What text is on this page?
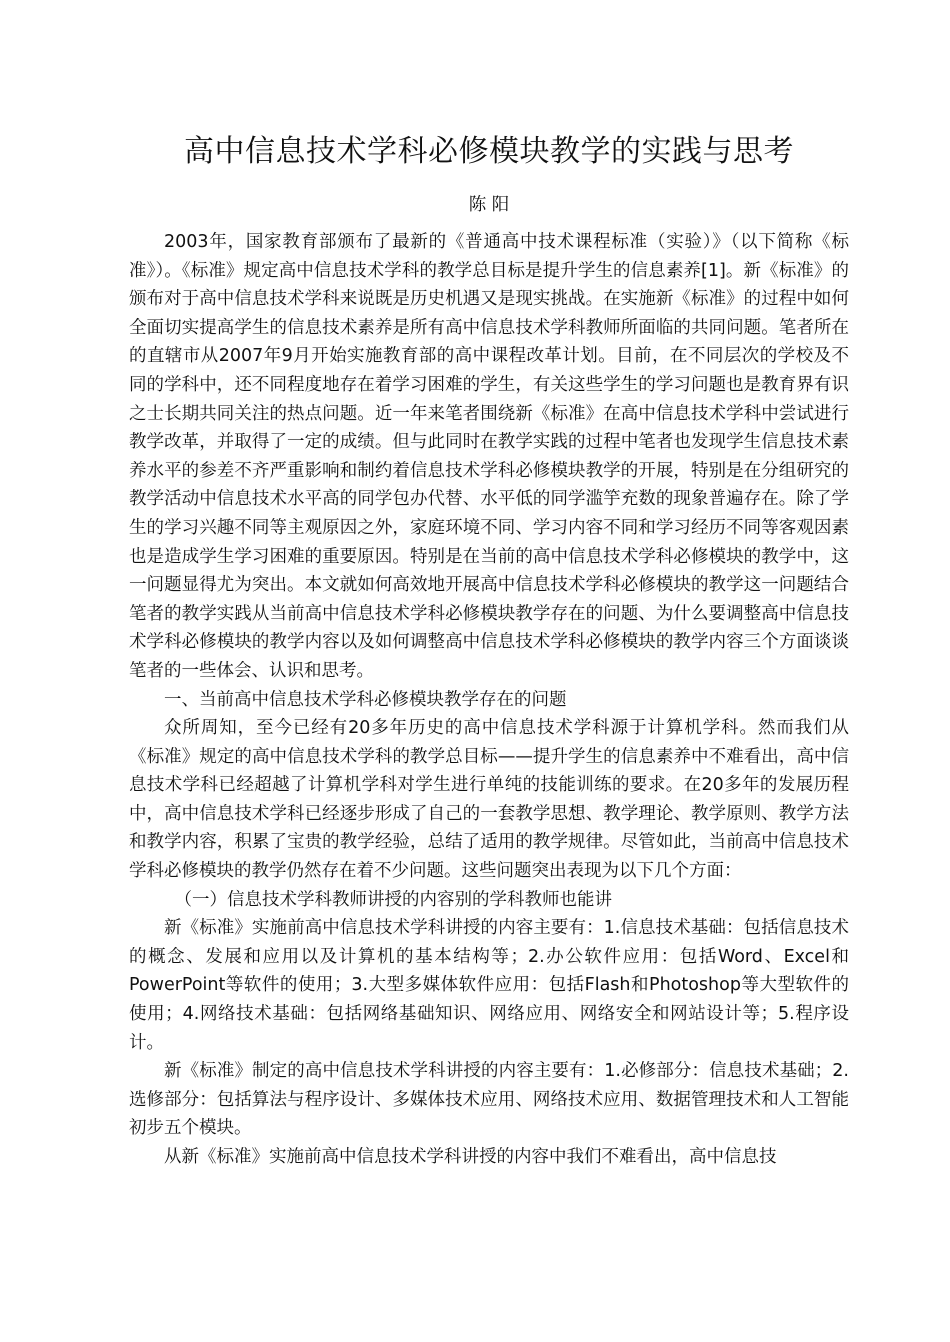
高中信息技术学科必修模块教学的实践与思考
陈 阳

2003年，国家教育部颁布了最新的《普通高中技术课程标准（实验）》（以下简称《标准》）。《标准》规定高中信息技术学科的教学总目标是提升学生的信息素养[1]。新《标准》的颁布对于高中信息技术学科来说既是历史机遇又是现实挑战。在实施新《标准》的过程中如何全面切实提高学生的信息技术素养是所有高中信息技术学科教师所面临的共同问题。笔者所在的直辖市从2007年9月开始实施教育部的高中课程改革计划。目前，在不同层次的学校及不同的学科中，还不同程度地存在着学习困难的学生，有关这些学生的学习问题也是教育界有识之士长期共同关注的热点问题。近一年来笔者围绕新《标准》在高中信息技术学科中尝试进行教学改革，并取得了一定的成绩。但与此同时在教学实践的过程中笔者也发现学生信息技术素养水平的参差不齐严重影响和制约着信息技术学科必修模块教学的开展，特别是在分组研究的教学活动中信息技术水平高的同学包办代替、水平低的同学滥竽充数的现象普遍存在。除了学生的学习兴趣不同等主观原因之外，家庭环境不同、学习内容不同和学习经历不同等客观因素也是造成学生学习困难的重要原因。特别是在当前的高中信息技术学科必修模块的教学中，这一问题显得尤为突出。本文就如何高效地开展高中信息技术学科必修模块的教学这一问题结合笔者的教学实践从当前高中信息技术学科必修模块教学存在的问题、为什么要调整高中信息技术学科必修模块的教学内容以及如何调整高中信息技术学科必修模块的教学内容三个方面谈谈笔者的一些体会、认识和思考。

一、当前高中信息技术学科必修模块教学存在的问题

众所周知，至今已经有20多年历史的高中信息技术学科源于计算机学科。然而我们从《标准》规定的高中信息技术学科的教学总目标——提升学生的信息素养中不难看出，高中信息技术学科已经超越了计算机学科对学生进行单纯的技能训练的要求。在20多年的发展历程中，高中信息技术学科已经逐步形成了自己的一套教学思想、教学理论、教学原则、教学方法和教学内容，积累了宝贵的教学经验，总结了适用的教学规律。尽管如此，当前高中信息技术学科必修模块的教学仍然存在着不少问题。这些问题突出表现为以下几个方面：

（一）信息技术学科教师讲授的内容别的学科教师也能讲

新《标准》实施前高中信息技术学科讲授的内容主要有：1.信息技术基础：包括信息技术的概念、发展和应用以及计算机的基本结构等；2.办公软件应用：包括Word、Excel和PowerPoint等软件的使用；3.大型多媒体软件应用：包括Flash和Photoshop等大型软件的使用；4.网络技术基础：包括网络基础知识、网络应用、网络安全和网站设计等；5.程序设计。

新《标准》制定的高中信息技术学科讲授的内容主要有：1.必修部分：信息技术基础；2.选修部分：包括算法与程序设计、多媒体技术应用、网络技术应用、数据管理技术和人工智能初步五个模块。

从新《标准》实施前高中信息技术学科讲授的内容中我们不难看出，高中信息技
